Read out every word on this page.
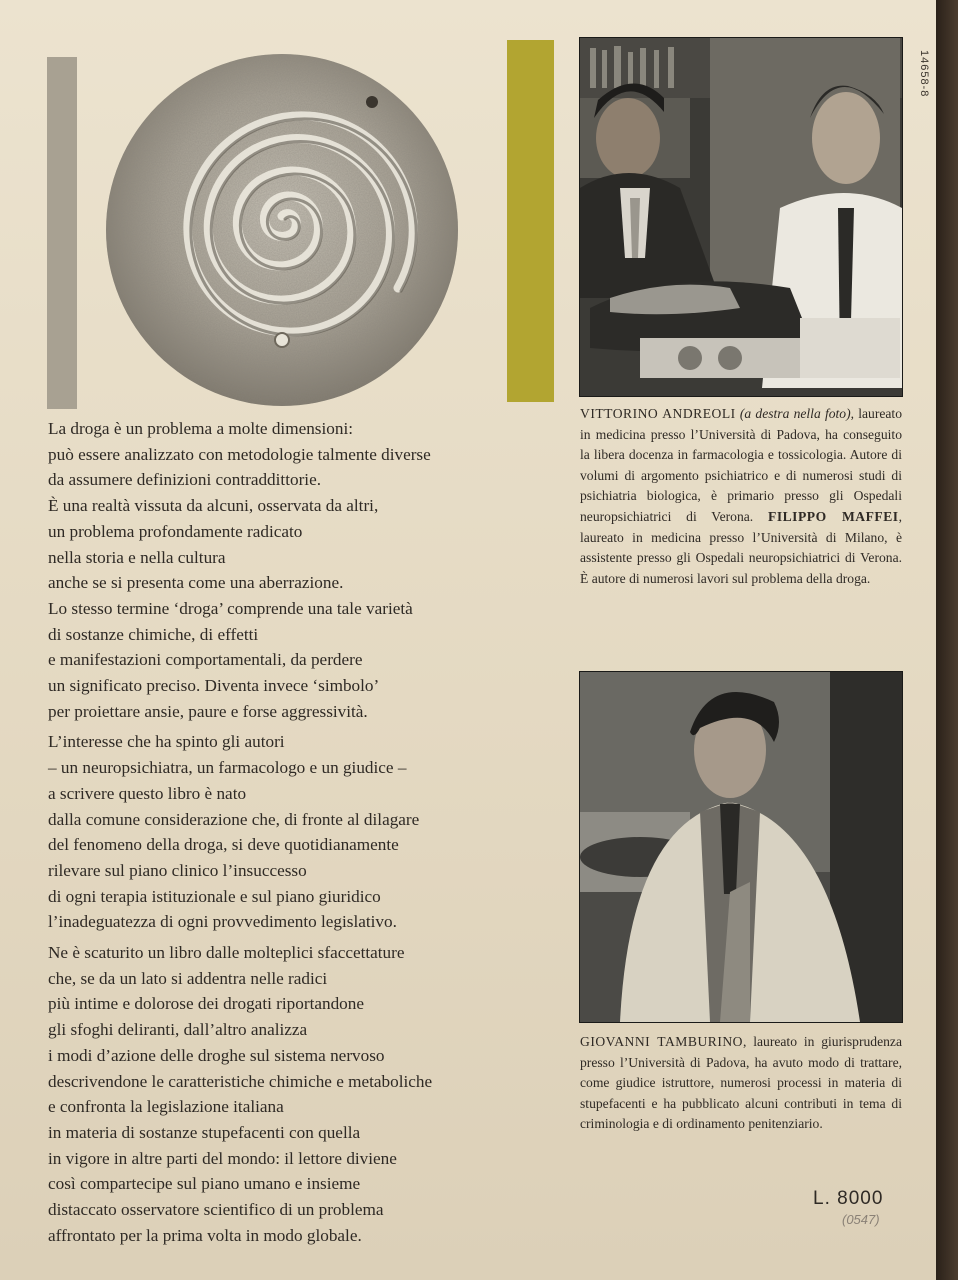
14658-8
La droga è un problema a molte dimensioni:
può essere analizzato con metodologie talmente diverse
da assumere definizioni contraddittorie.
È una realtà vissuta da alcuni, osservata da altri,
un problema profondamente radicato
nella storia e nella cultura
anche se si presenta come una aberrazione.
Lo stesso termine ‘droga’ comprende una tale varietà
di sostanze chimiche, di effetti
e manifestazioni comportamentali, da perdere
un significato preciso. Diventa invece ‘simbolo’
per proiettare ansie, paure e forse aggressività.
L’interesse che ha spinto gli autori
– un neuropsichiatra, un farmacologo e un giudice –
a scrivere questo libro è nato
dalla comune considerazione che, di fronte al dilagare
del fenomeno della droga, si deve quotidianamente
rilevare sul piano clinico l’insuccesso
di ogni terapia istituzionale e sul piano giuridico
l’inadeguatezza di ogni provvedimento legislativo.
Ne è scaturito un libro dalle molteplici sfaccettature
che, se da un lato si addentra nelle radici
più intime e dolorose dei drogati riportandone
gli sfoghi deliranti, dall’altro analizza
i modi d’azione delle droghe sul sistema nervoso
descrivendone le caratteristiche chimiche e metaboliche
e confronta la legislazione italiana
in materia di sostanze stupefacenti con quella
in vigore in altre parti del mondo: il lettore diviene
così compartecipe sul piano umano e insieme
distaccato osservatore scientifico di un problema
affrontato per la prima volta in modo globale.
VITTORINO ANDREOLI (a destra nella foto), laureato in medicina presso l’Università di Padova, ha conseguito la libera docenza in farmacologia e tossicologia. Autore di volumi di argomento psichiatrico e di numerosi studi di psichiatria biologica, è primario presso gli Ospedali neuropsichiatrici di Verona. FILIPPO MAFFEI, laureato in medicina presso l’Università di Milano, è assistente presso gli Ospedali neuropsichiatrici di Verona. È autore di numerosi lavori sul problema della droga.
GIOVANNI TAMBURINO, laureato in giurisprudenza presso l’Università di Padova, ha avuto modo di trattare, come giudice istruttore, numerosi processi in materia di stupefacenti e ha pubblicato alcuni contributi in tema di criminologia e di ordinamento penitenziario.
L. 8000
(0547)
